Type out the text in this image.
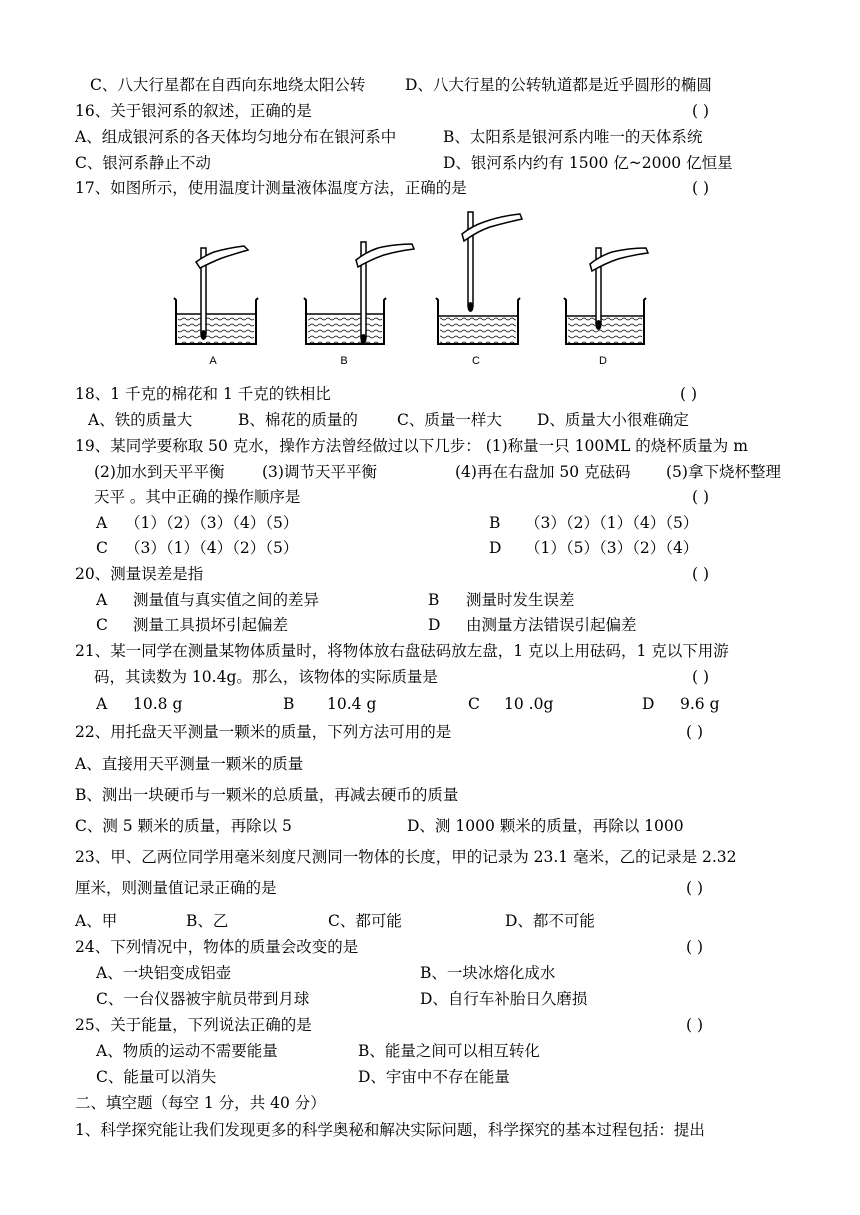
C、八大行星都在自西向东地绕太阳公转	D、八大行星的公转轨道都是近乎圆形的椭圆
16、关于银河系的叙述，正确的是	( )
A、组成银河系的各天体均匀地分布在银河系中	B、太阳系是银河系内唯一的天体系统
C、银河系静止不动	D、银河系内约有 1500 亿~2000 亿恒星
17、如图所示，使用温度计测量液体温度方法，正确的是	( )
A	B	C	D
18、1 千克的棉花和 1 千克的铁相比	( )
A、铁的质量大	B、棉花的质量的	C、质量一样大 D、质量大小很难确定
19、某同学要称取 50 克水，操作方法曾经做过以下几步： (1)称量一只 100ML 的烧杯质量为 m
(2)加水到天平平衡 (3)调节天平平衡	(4)再在右盘加 50 克砝码 (5)拿下烧杯整理
天平 。其中正确的操作顺序是	( )
A （1）（2）（3）（4）（5）	B （3）（2）（1）（4）（5）
C （3）（1）（4）（2）（5）	D （1）（5）（3）（2）（4）
20、测量误差是指	( )
A 测量值与真实值之间的差异	B 测量时发生误差
C 测量工具损坏引起偏差	D 由测量方法错误引起偏差
21、某一同学在测量某物体质量时，将物体放右盘砝码放左盘，1 克以上用砝码，1 克以下用游
码，其读数为 10.4g。那么，该物体的实际质量是	( )
A 10.8 g	B 10.4 g	C 10 .0g	D 9.6 g
22、用托盘天平测量一颗米的质量，下列方法可用的是	( )
A、直接用天平测量一颗米的质量
B、测出一块硬币与一颗米的总质量，再减去硬币的质量
C、测 5 颗米的质量，再除以 5	D、测 1000 颗米的质量，再除以 1000
23、甲、乙两位同学用毫米刻度尺测同一物体的长度，甲的记录为 23.1 毫米，乙的记录是 2.32
厘米，则测量值记录正确的是	( )
A、甲	B、乙	C、都可能	D、都不可能
24、下列情况中，物体的质量会改变的是	( )
A、一块铝变成铝壶	B、一块冰熔化成水
C、一台仪器被宇航员带到月球	D、自行车补胎日久磨损
25、关于能量，下列说法正确的是	( )
A、物质的运动不需要能量	B、能量之间可以相互转化
C、能量可以消失	D、宇宙中不存在能量
二、填空题（每空 1 分，共 40 分）
1、科学探究能让我们发现更多的科学奥秘和解决实际问题，科学探究的基本过程包括：提出
